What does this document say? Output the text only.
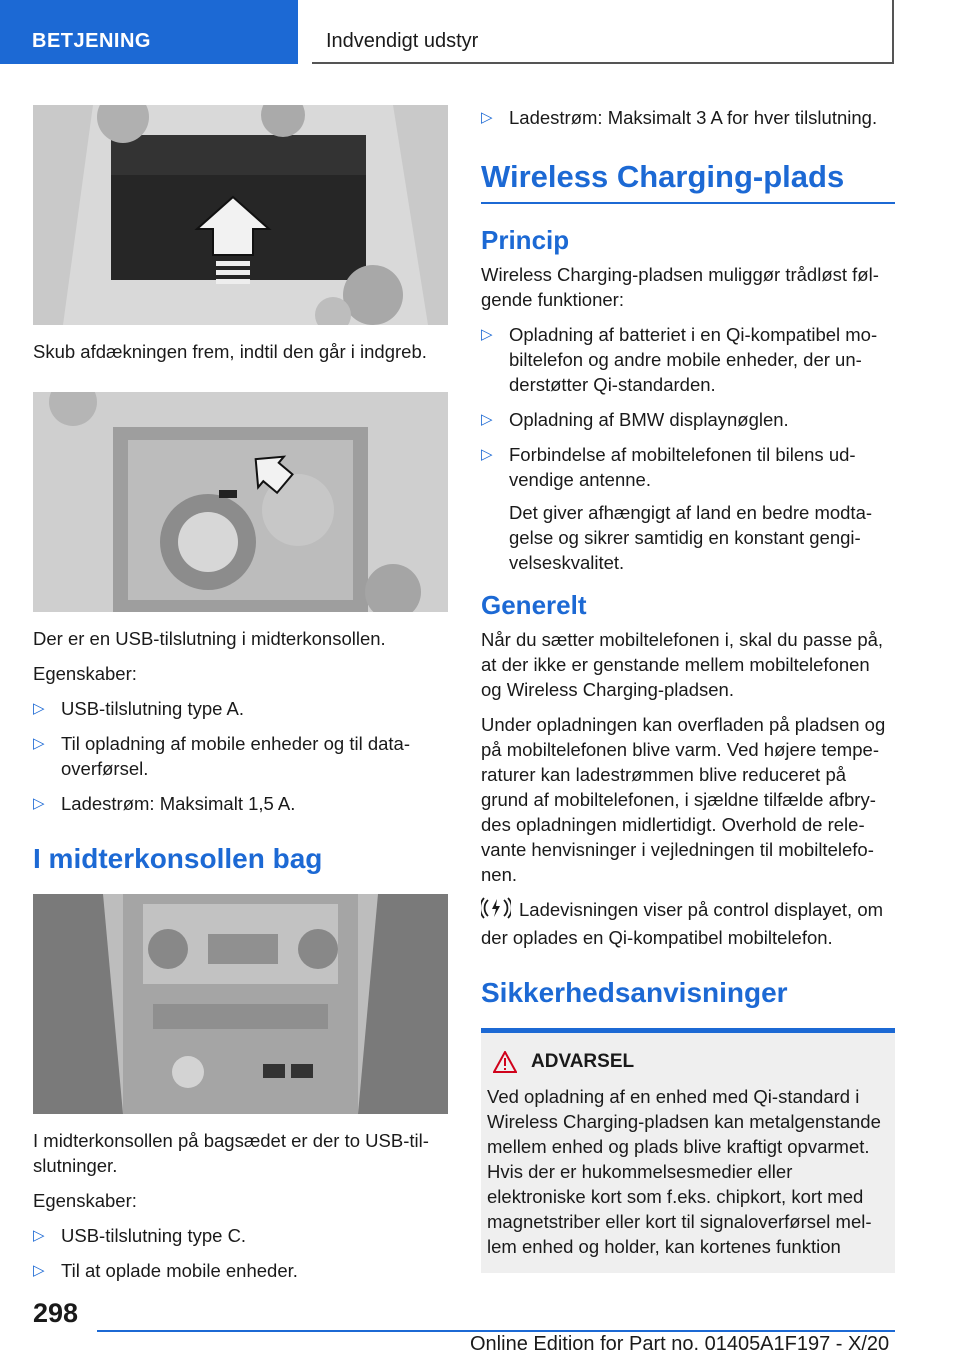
BETJENING	Indvendigt udstyr

Skub afdækningen frem, indtil den går i indgreb.

Der er en USB-tilslutning i midterkonsollen.

Egenskaber:

▷ USB-tilslutning type A.
▷ Til opladning af mobile enheder og til dataoverførsel.
▷ Ladestrøm: Maksimalt 1,5 A.
I midterkonsollen bag

I midterkonsollen på bagsædet er der to USB-tilslutninger.

Egenskaber:

▷ USB-tilslutning type C.
▷ Til at oplade mobile enheder.
▷ Ladestrøm: Maksimalt 3 A for hver tilslutning.
Wireless Charging-plads
Princip

Wireless Charging-pladsen muliggør trådløst følgende funktioner:

▷ Opladning af batteriet i en Qi-kompatibel mobiltelefon og andre mobile enheder, der understøtter Qi-standarden.
▷ Opladning af BMW displaynøglen.
▷ Forbindelse af mobiltelefonen til bilens udvendige antenne.
Det giver afhængigt af land en bedre modtagelse og sikrer samtidig en konstant gengivelseskvalitet.
Generelt

Når du sætter mobiltelefonen i, skal du passe på, at der ikke er genstande mellem mobiltelefonen og Wireless Charging-pladsen.

Under opladningen kan overfladen på pladsen og på mobiltelefonen blive varm. Ved højere temperaturer kan ladestrømmen blive reduceret på grund af mobiltelefonen, i sjældne tilfælde afbrydes opladningen midlertidigt. Overhold de relevante henvisninger i vejledningen til mobiltelefonen.

Ladevisningen viser på control displayet, om der oplades en Qi-kompatibel mobiltelefon.

Sikkerhedsanvisninger
ADVARSEL

Ved opladning af en enhed med Qi-standard i Wireless Charging-pladsen kan metalgenstande mellem enhed og plads blive kraftigt opvarmet. Hvis der er hukommelsesmedier eller elektroniske kort som f.eks. chipkort, kort med magnetstriber eller kort til signaloverførsel mellem enhed og holder, kan kortenes funktion

298
Online Edition for Part no. 01405A1F197 - X/20
